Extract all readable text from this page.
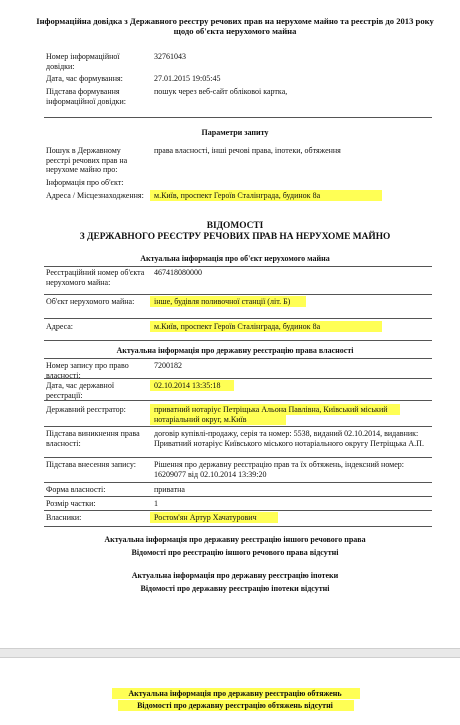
Інформаційна довідка з Державного реєстру речових прав на нерухоме майно та реєстрів до 2013 року щодо об'єкта нерухомого майна
Номер інформаційної довідки:
32761043
Дата, час формування:	27.01.2015 19:05:45
Підстава формування інформаційної довідки:
пошук через веб-сайт обліковоі картка,
Параметри запиту
Пошук в Державному реєстрі речових прав на нерухоме майно про:
права власності, інші речові права, іпотеки, обтяження
Інформація про об'єкт:
Адреса / Місцезнаходження: м.Київ, проспект Героїв Сталінграда, будинок 8а
ВІДОМОСТІ
З ДЕРЖАВНОГО РЕЄСТРУ РЕЧОВИХ ПРАВ НА НЕРУХОМЕ МАЙНО
Актуальна інформація про об'єкт нерухомого майна
Реєстраційний номер об'єкта нерухомого майна:
467418080000
Об'єкт нерухомого майна:	інше, будівля поливочної станції (літ. Б)
Адреса:	м.Київ, проспект Героїв Сталінграда, будинок 8а
Актуальна інформація про державну реєстрацію права власності
Номер запису про право власності:
7200182
Дата, час державної реєстрації:
02.10.2014 13:35:18
Державний реєстратор:	приватний нотаріус Петріщька Альона Павлівна, Київський міський нотаріальний округ, м.Київ
Підстава виникнення права власності:
договір купівлі-продажу, серія та номер: 5538, виданий 02.10.2014, видавник: Приватний нотаріус Київського міського нотаріального округу Петріщька А.П.
Підстава внесення запису:	Рішення про державну реєстрацію прав та їх обтяжень, індексний номер: 16209077 від 02.10.2014 13:39:20
Форма власності:	приватна
Розмір частки:	1
Власники:	Ростом'ян Артур Хачатурович
Актуальна інформація про державну реєстрацію іншого речового права
Відомості про реєстрацію іншого речового права відсутні
Актуальна інформація про державну реєстрацію іпотеки
Відомості про державну реєстрацію іпотеки відсутні
Актуальна інформація про державну реєстрацію обтяжень
Відомості про державну реєстрацію обтяжень відсутні
